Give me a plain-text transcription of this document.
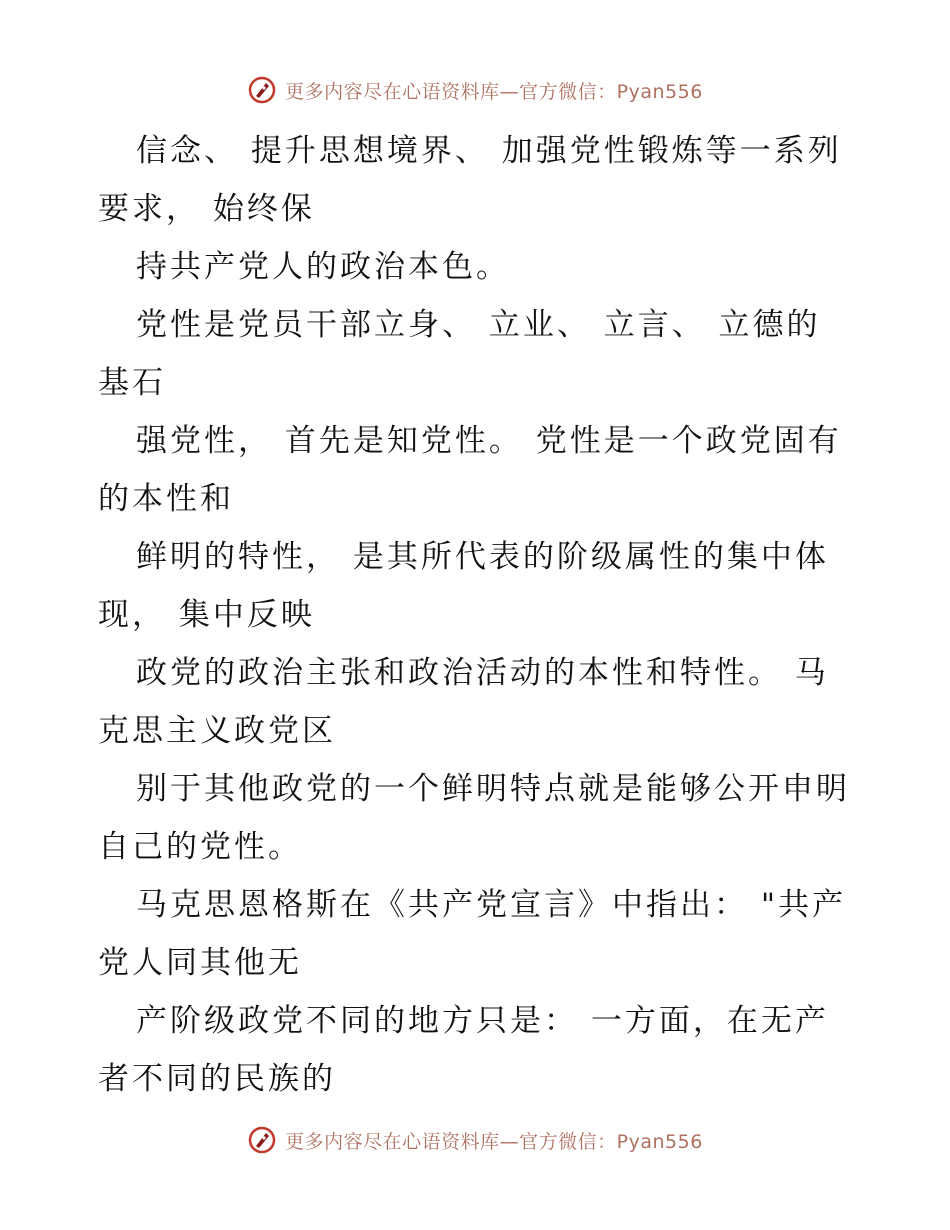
更多内容尽在心语资料库—官方微信：Pyan556
信念、 提升思想境界、 加强党性锻炼等一系列
要求， 始终保
持共产党人的政治本色。
党性是党员干部立身、 立业、 立言、 立德的
基石
强党性， 首先是知党性。 党性是一个政党固有
的本性和
鲜明的特性， 是其所代表的阶级属性的集中体
现， 集中反映
政党的政治主张和政治活动的本性和特性。 马
克思主义政党区
别于其他政党的一个鲜明特点就是能够公开申明
自己的党性。
马克思恩格斯在《共产党宣言》中指出： "共产
党人同其他无
产阶级政党不同的地方只是： 一方面，在无产
者不同的民族的
更多内容尽在心语资料库—官方微信：Pyan556
